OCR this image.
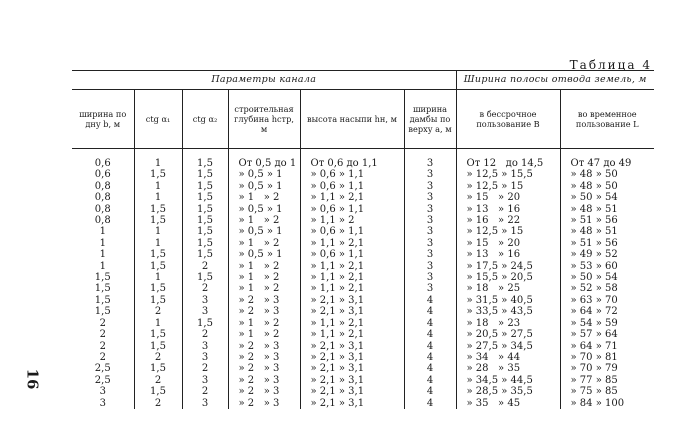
Таблица 4
16
Параметры канала						Ширина полосы отвода земель, м	
ширина по дну b, м	ctg α₁	ctg α₂	строительная глубина hстр, м	высота насыпи hн, м	ширина дамбы по верху a, м	в бессрочное пользование B	во временное пользование L
0,6	1	1,5	От 0,5 до 1	От 0,6 до 1,1	3	От 12   до 14,5	От 47 до 49
0,6	1,5	1,5	» 0,5 » 1	» 0,6 » 1,1	3	» 12,5 » 15,5	» 48 » 50
0,8	1	1,5	» 0,5 » 1	» 0,6 » 1,1	3	» 12,5 » 15	» 48 » 50
0,8	1	1,5	» 1   » 2	» 1,1 » 2,1	3	» 15   » 20	» 50 » 54
0,8	1,5	1,5	» 0,5 » 1	» 0,6 » 1,1	3	» 13   » 16	» 48 » 51
0,8	1,5	1,5	» 1   » 2	» 1,1 » 2	3	» 16   » 22	» 51 » 56
1	1	1,5	» 0,5 » 1	» 0,6 » 1,1	3	» 12,5 » 15	» 48 » 51
1	1	1,5	» 1   » 2	» 1,1 » 2,1	3	» 15   » 20	» 51 » 56
1	1,5	1,5	» 0,5 » 1	» 0,6 » 1,1	3	» 13   » 16	» 49 » 52
1	1,5	2	» 1   » 2	» 1,1 » 2,1	3	» 17,5 » 24,5	» 53 » 60
1,5	1	1,5	» 1   » 2	» 1,1 » 2,1	3	» 15,5 » 20,5	» 50 » 54
1,5	1,5	2	» 1   » 2	» 1,1 » 2,1	3	» 18   » 25	» 52 » 58
1,5	1,5	3	» 2   » 3	» 2,1 » 3,1	4	» 31,5 » 40,5	» 63 » 70
1,5	2	3	» 2   » 3	» 2,1 » 3,1	4	» 33,5 » 43,5	» 64 » 72
2	1	1,5	» 1   » 2	» 1,1 » 2,1	4	» 18   » 23	» 54 » 59
2	1,5	2	» 1   » 2	» 1,1 » 2,1	4	» 20,5 » 27,5	» 57 » 64
2	1,5	3	» 2   » 3	» 2,1 » 3,1	4	» 27,5 » 34,5	» 64 » 71
2	2	3	» 2   » 3	» 2,1 » 3,1	4	» 34   » 44	» 70 » 81
2,5	1,5	2	» 2   » 3	» 2,1 » 3,1	4	» 28   » 35	» 70 » 79
2,5	2	3	» 2   » 3	» 2,1 » 3,1	4	» 34,5 » 44,5	» 77 » 85
3	1,5	2	» 2   » 3	» 2,1 » 3,1	4	» 28,5 » 35,5	» 75 » 85
3	2	3	» 2   » 3	» 2,1 » 3,1	4	» 35   » 45	» 84 » 100
